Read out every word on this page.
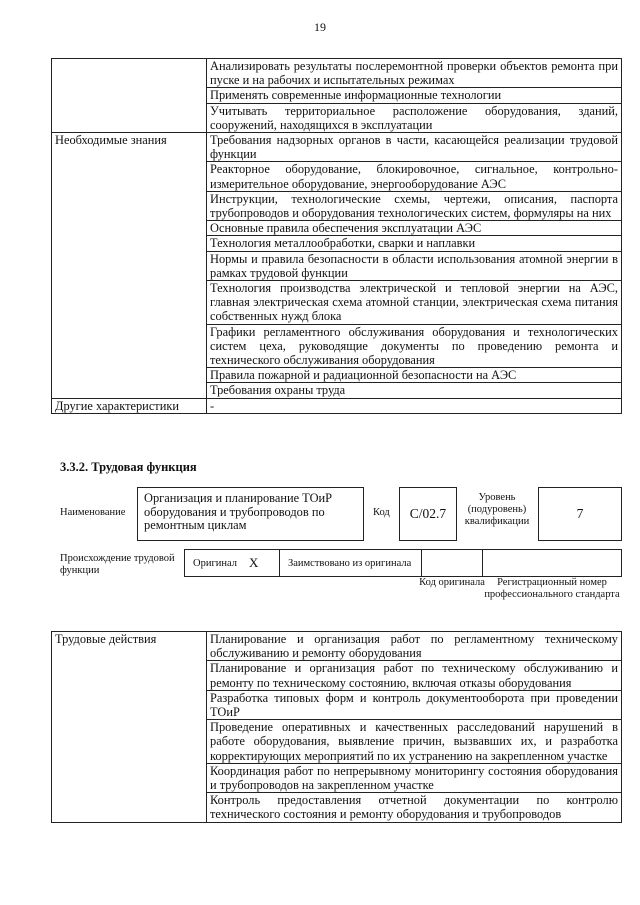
19
	Анализировать результаты послеремонтной проверки объектов ремонта при пуске и на рабочих и испытательных режимах
	Применять современные информационные технологии
	Учитывать территориальное расположение оборудования, зданий, сооружений, находящихся в эксплуатации
Необходимые знания	Требования надзорных органов в части, касающейся реализации трудовой функции
	Реакторное оборудование, блокировочное, сигнальное, контрольно-измерительное оборудование, энергооборудование АЭС
	Инструкции, технологические схемы, чертежи, описания, паспорта трубопроводов и оборудования технологических систем, формуляры на них
	Основные правила обеспечения эксплуатации АЭС
	Технология металлообработки, сварки и наплавки
	Нормы и правила безопасности в области использования атомной энергии в рамках трудовой функции
	Технология производства электрической и тепловой энергии на АЭС, главная электрическая схема атомной станции, электрическая схема питания собственных нужд блока
	Графики регламентного обслуживания оборудования и технологических систем цеха, руководящие документы по проведению ремонта и технического обслуживания оборудования
	Правила пожарной и радиационной безопасности на АЭС
	Требования охраны труда
Другие характеристики	-
3.3.2. Трудовая функция
Наименование
Организация и планирование ТОиР оборудования и трубопроводов по ремонтным циклам
Код	С/02.7
Уровень (подуровень) квалификации
7
Происхождение трудовой функции
Оригинал X	Заимствовано из оригинала
Код оригинала	Регистрационный номер профессионального стандарта
Трудовые действия	Планирование и организация работ по регламентному техническому обслуживанию и ремонту оборудования
Планирование и организация работ по техническому обслуживанию и ремонту по техническому состоянию, включая отказы оборудования
Разработка типовых форм и контроль документооборота при проведении ТОиР
Проведение оперативных и качественных расследований нарушений в работе оборудования, выявление причин, вызвавших их, и разработка корректирующих мероприятий по их устранению на закрепленном участке
Координация работ по непрерывному мониторингу состояния оборудования и трубопроводов на закрепленном участке
Контроль предоставления отчетной документации по контролю технического состояния и ремонту оборудования и трубопроводов
